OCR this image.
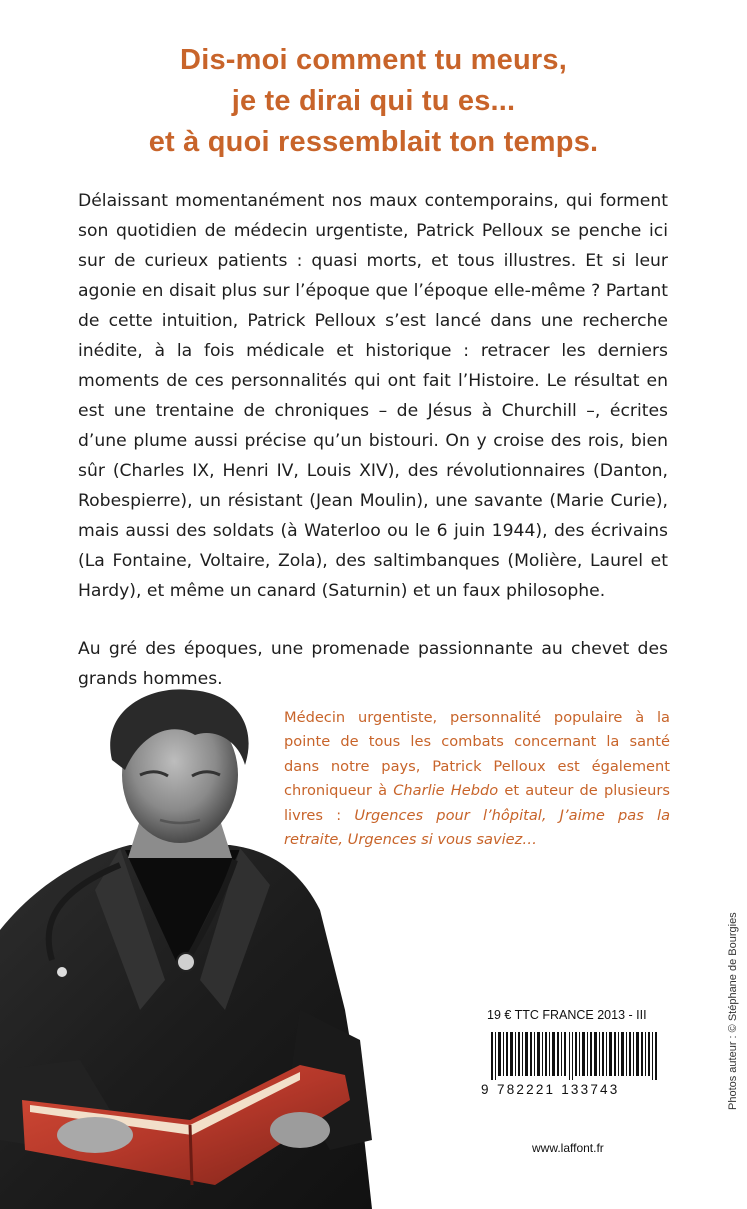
Dis-moi comment tu meurs,
je te dirai qui tu es...
et à quoi ressemblait ton temps.

Délaissant momentanément nos maux contemporains, qui forment son quotidien de médecin urgentiste, Patrick Pelloux se penche ici sur de curieux patients : quasi morts, et tous illustres. Et si leur agonie en disait plus sur l’époque que l’époque elle-même ? Partant de cette intuition, Patrick Pelloux s’est lancé dans une recherche inédite, à la fois médicale et historique : retracer les derniers moments de ces personnalités qui ont fait l’Histoire. Le résultat en est une trentaine de chroniques – de Jésus à Churchill –, écrites d’une plume aussi précise qu’un bistouri. On y croise des rois, bien sûr (Charles IX, Henri IV, Louis XIV), des révolutionnaires (Danton, Robespierre), un résistant (Jean Moulin), une savante (Marie Curie), mais aussi des soldats (à Waterloo ou le 6 juin 1944), des écrivains (La Fontaine, Voltaire, Zola), des saltimbanques (Molière, Laurel et Hardy), et même un canard (Saturnin) et un faux philosophe.

Au gré des époques, une promenade passionnante au chevet des grands hommes.

Médecin urgentiste, personnalité populaire à la pointe de tous les combats concernant la santé dans notre pays, Patrick Pelloux est également chroniqueur à Charlie Hebdo et auteur de plusieurs livres : Urgences pour l’hôpital, J’aime pas la retraite, Urgences si vous saviez…
Photos auteur : © Stéphane de Bourgies
19 € TTC FRANCE 2013 - III
9 782221 133743
www.laffont.fr
